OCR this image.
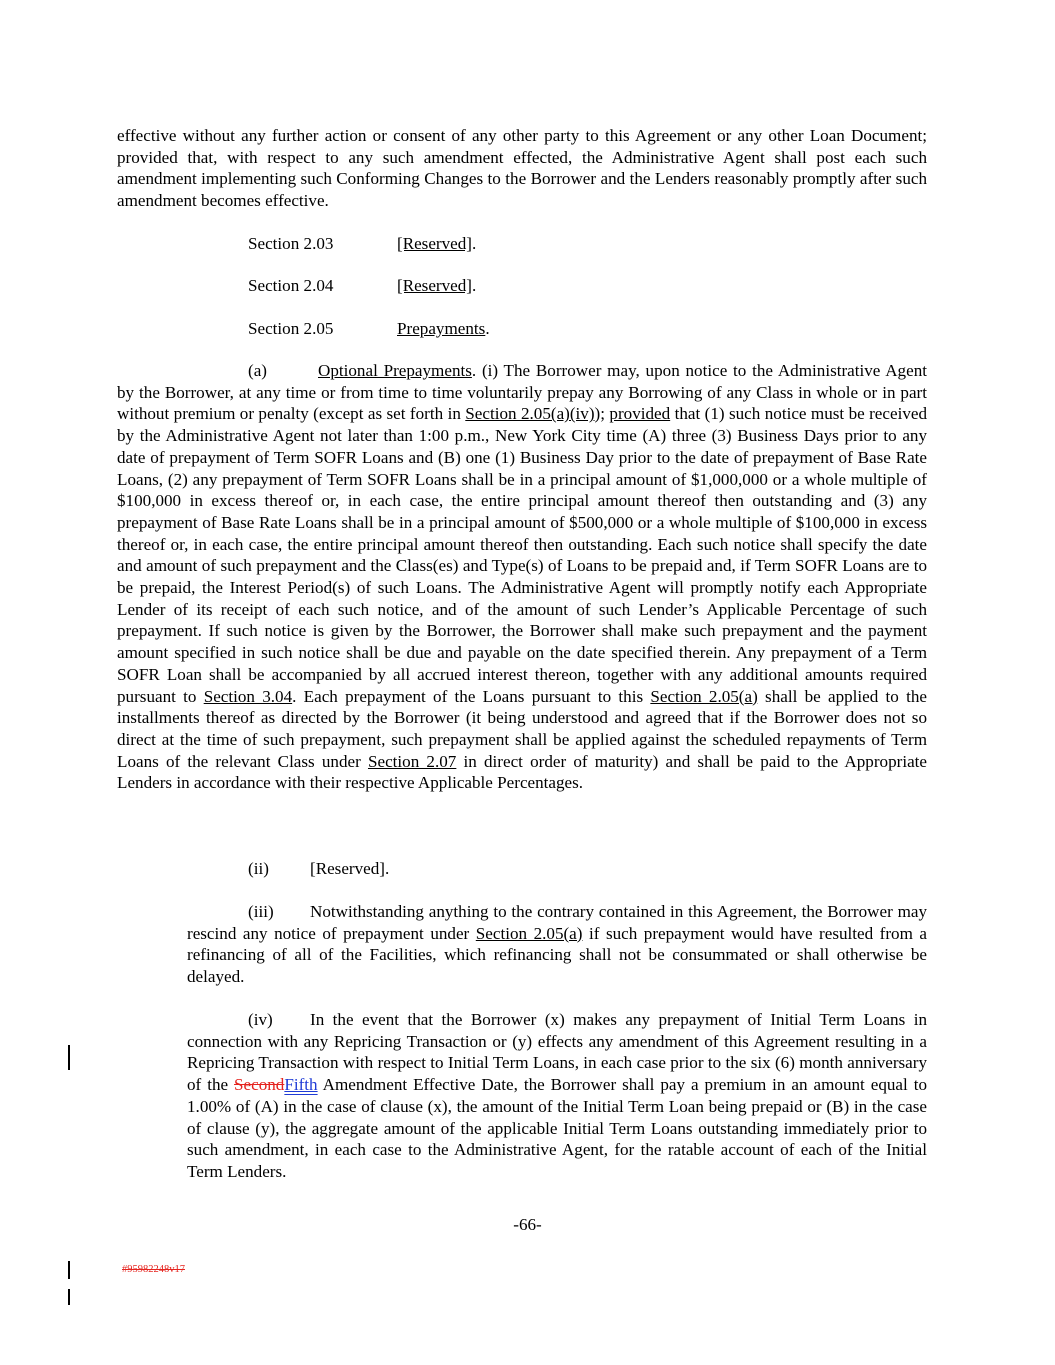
effective without any further action or consent of any other party to this Agreement or any other Loan Document; provided that, with respect to any such amendment effected, the Administrative Agent shall post each such amendment implementing such Conforming Changes to the Borrower and the Lenders reasonably promptly after such amendment becomes effective.

Section 2.03	[Reserved].
Section 2.04	[Reserved].
Section 2.05	Prepayments.

(a)	Optional Prepayments. (i) The Borrower may, upon notice to the Administrative Agent by the Borrower, at any time or from time to time voluntarily prepay any Borrowing of any Class in whole or in part without premium or penalty (except as set forth in Section 2.05(a)(iv)); provided that (1) such notice must be received by the Administrative Agent not later than 1:00 p.m., New York City time (A) three (3) Business Days prior to any date of prepayment of Term SOFR Loans and (B) one (1) Business Day prior to the date of prepayment of Base Rate Loans, (2) any prepayment of Term SOFR Loans shall be in a principal amount of $1,000,000 or a whole multiple of $100,000 in excess thereof or, in each case, the entire principal amount thereof then outstanding and (3) any prepayment of Base Rate Loans shall be in a principal amount of $500,000 or a whole multiple of $100,000 in excess thereof or, in each case, the entire principal amount thereof then outstanding. Each such notice shall specify the date and amount of such prepayment and the Class(es) and Type(s) of Loans to be prepaid and, if Term SOFR Loans are to be prepaid, the Interest Period(s) of such Loans. The Administrative Agent will promptly notify each Appropriate Lender of its receipt of each such notice, and of the amount of such Lender’s Applicable Percentage of such prepayment. If such notice is given by the Borrower, the Borrower shall make such prepayment and the payment amount specified in such notice shall be due and payable on the date specified therein. Any prepayment of a Term SOFR Loan shall be accompanied by all accrued interest thereon, together with any additional amounts required pursuant to Section 3.04. Each prepayment of the Loans pursuant to this Section 2.05(a) shall be applied to the installments thereof as directed by the Borrower (it being understood and agreed that if the Borrower does not so direct at the time of such prepayment, such prepayment shall be applied against the scheduled repayments of Term Loans of the relevant Class under Section 2.07 in direct order of maturity) and shall be paid to the Appropriate Lenders in accordance with their respective Applicable Percentages.

(ii) [Reserved].

(iii) Notwithstanding anything to the contrary contained in this Agreement, the Borrower may rescind any notice of prepayment under Section 2.05(a) if such prepayment would have resulted from a refinancing of all of the Facilities, which refinancing shall not be consummated or shall otherwise be delayed.

(iv) In the event that the Borrower (x) makes any prepayment of Initial Term Loans in connection with any Repricing Transaction or (y) effects any amendment of this Agreement resulting in a Repricing Transaction with respect to Initial Term Loans, in each case prior to the six (6) month anniversary of the SecondFifth Amendment Effective Date, the Borrower shall pay a premium in an amount equal to 1.00% of (A) in the case of clause (x), the amount of the Initial Term Loan being prepaid or (B) in the case of clause (y), the aggregate amount of the applicable Initial Term Loans outstanding immediately prior to such amendment, in each case to the Administrative Agent, for the ratable account of each of the Initial Term Lenders.

-66-
#95982248v17
